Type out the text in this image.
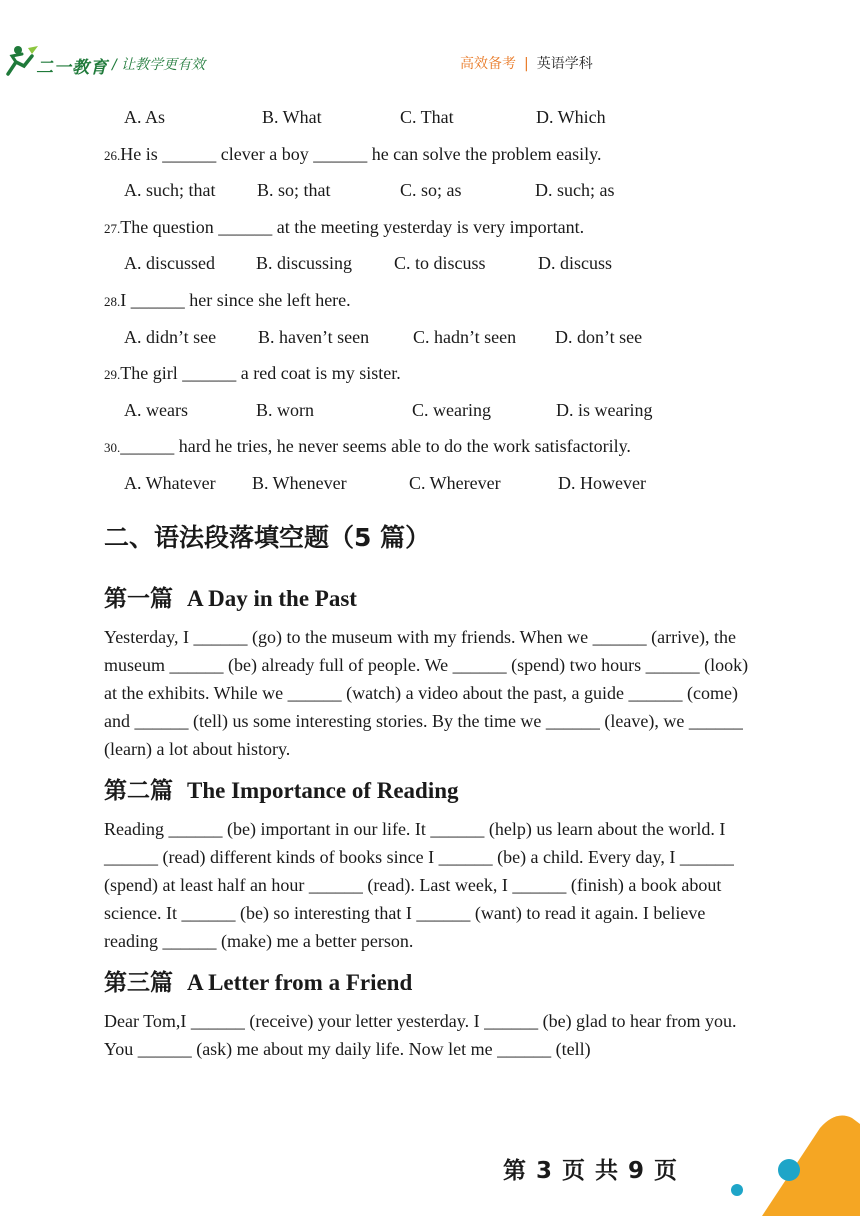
二一教育 / 让教学更有效	高效备考 | 英语学科
A. As	B. What	C. That	D. Which
26.He is ______ clever a boy ______ he can solve the problem easily.
A. such; that B. so; that	C. so; as	D. such; as
27.The question ______ at the meeting yesterday is very important.
A. discussed B. discussing C. to discuss	D. discuss
28.I ______ her since she left here.
A. didn’t see B. haven’t seen C. hadn’t seen D. don’t see
29.The girl ______ a red coat is my sister.
A. wears	B. worn	C. wearing	D. is wearing
30.______ hard he tries, he never seems able to do the work satisfactorily.
A. Whatever B. Whenever	C. Wherever	D. However
二、语法段落填空题（5 篇）
第一篇 A Day in the Past

Yesterday, I ______ (go) to the museum with my friends. When we ______ (arrive), the museum ______ (be) already full of people. We ______ (spend) two hours ______ (look) at the exhibits. While we ______ (watch) a video about the past, a guide ______ (come) and ______ (tell) us some interesting stories. By the time we ______ (leave), we ______ (learn) a lot about history.

第二篇 The Importance of Reading

Reading ______ (be) important in our life. It ______ (help) us learn about the world. I ______ (read) different kinds of books since I ______ (be) a child. Every day, I ______ (spend) at least half an hour ______ (read). Last week, I ______ (finish) a book about science. It ______ (be) so interesting that I ______ (want) to read it again. I believe reading ______ (make) me a better person.

第三篇 A Letter from a Friend

Dear Tom,I ______ (receive) your letter yesterday. I ______ (be) glad to hear from you. You ______ (ask) me about my daily life. Now let me ______ (tell)

第 3 页 共 9 页
